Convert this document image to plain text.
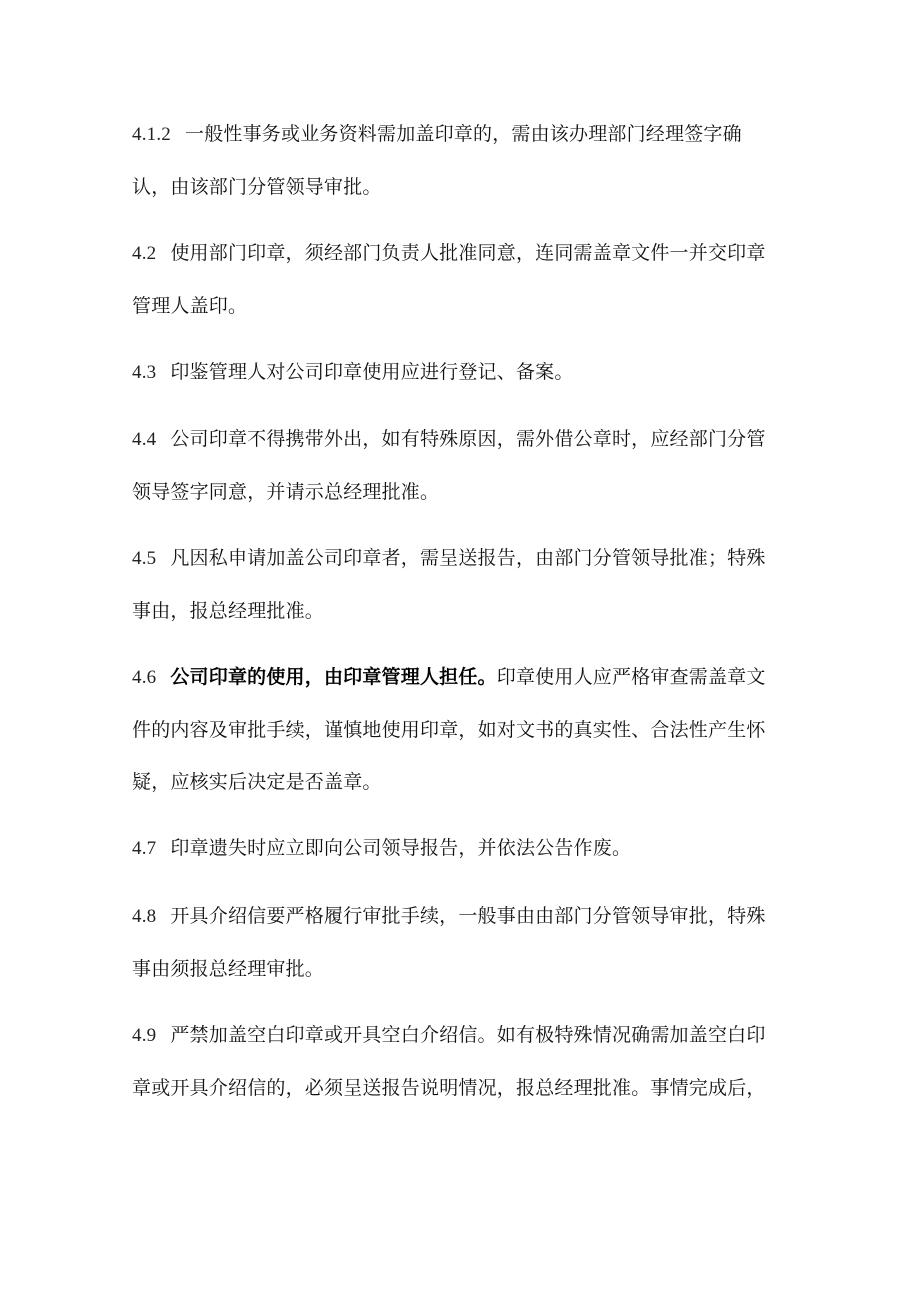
4.1.2 一般性事务或业务资料需加盖印章的，需由该办理部门经理签字确
认，由该部门分管领导审批。
4.2 使用部门印章，须经部门负责人批准同意，连同需盖章文件一并交印章
管理人盖印。
4.3 印鉴管理人对公司印章使用应进行登记、备案。
4.4 公司印章不得携带外出，如有特殊原因，需外借公章时，应经部门分管
领导签字同意，并请示总经理批准。
4.5 凡因私申请加盖公司印章者，需呈送报告，由部门分管领导批准；特殊
事由，报总经理批准。
4.6 公司印章的使用，由印章管理人担任。印章使用人应严格审查需盖章文
件的内容及审批手续，谨慎地使用印章，如对文书的真实性、合法性产生怀
疑，应核实后决定是否盖章。
4.7 印章遗失时应立即向公司领导报告，并依法公告作废。
4.8 开具介绍信要严格履行审批手续，一般事由由部门分管领导审批，特殊
事由须报总经理审批。
4.9 严禁加盖空白印章或开具空白介绍信。如有极特殊情况确需加盖空白印
章或开具介绍信的，必须呈送报告说明情况，报总经理批准。事情完成后，
